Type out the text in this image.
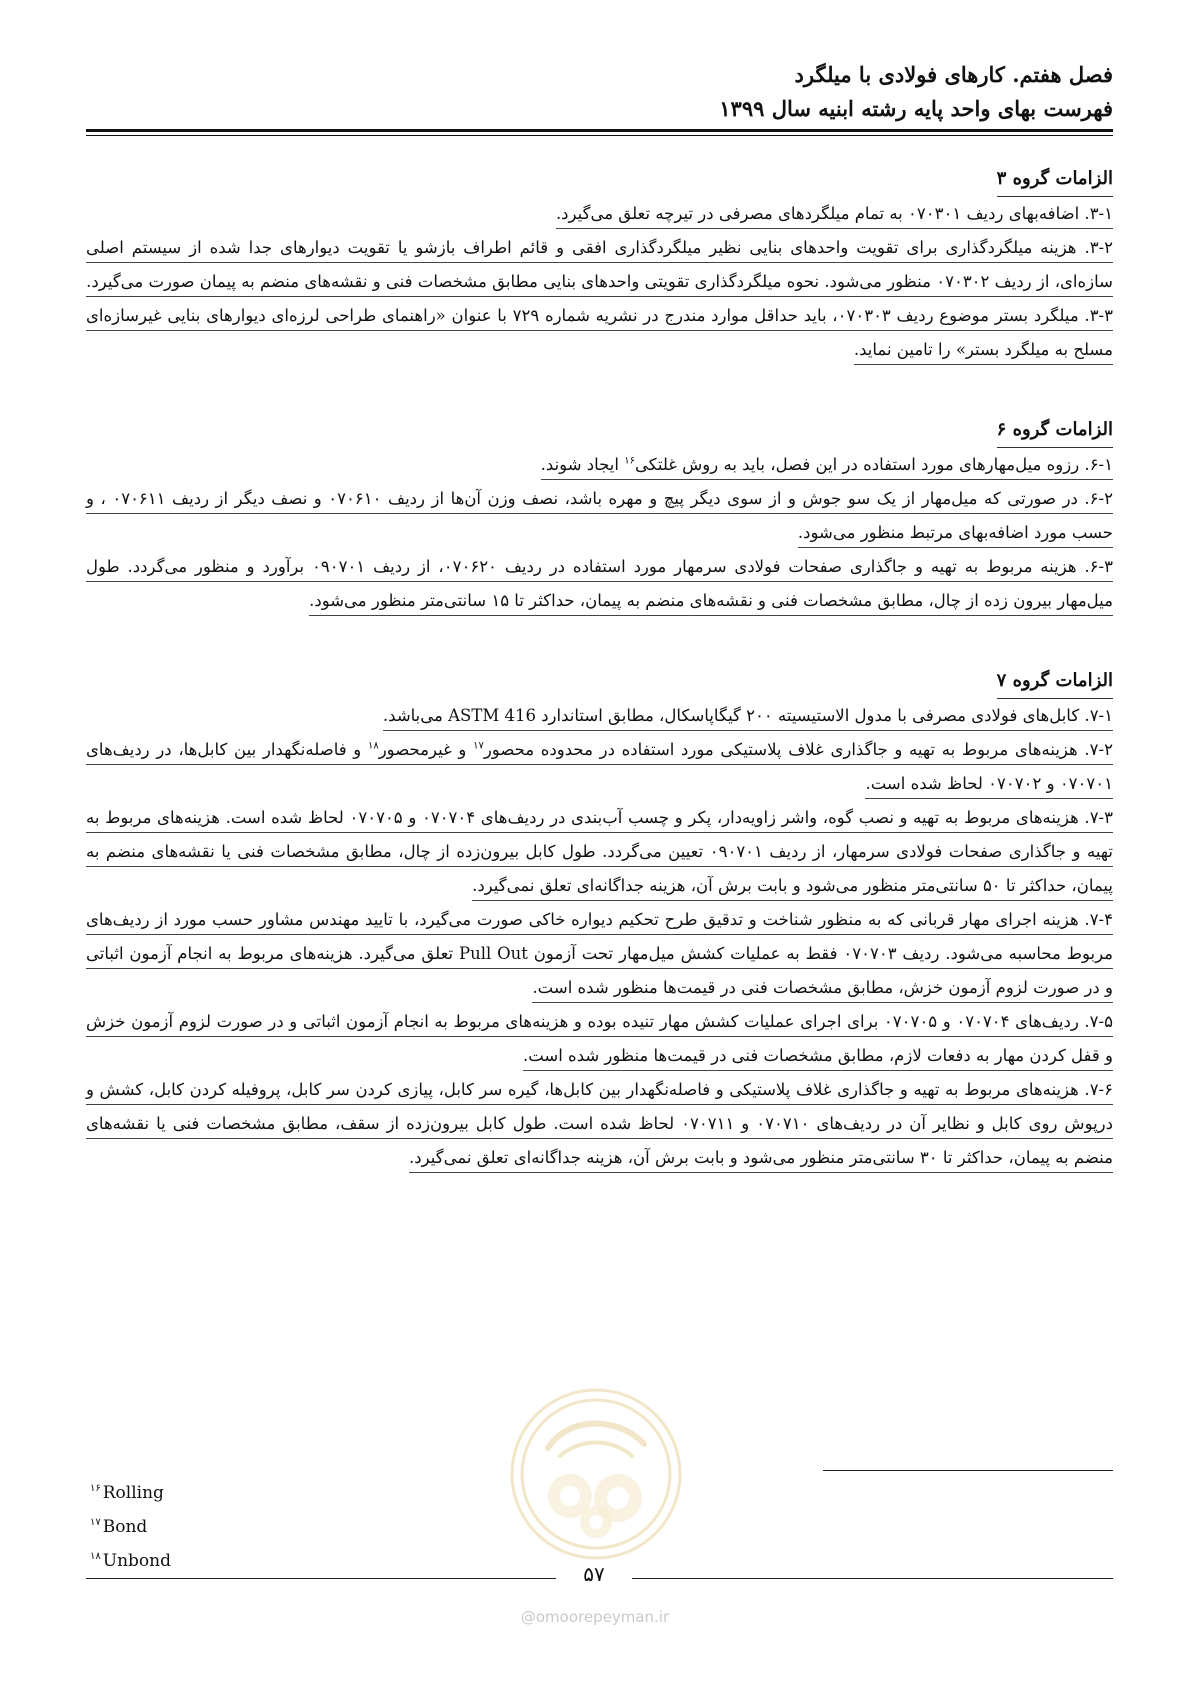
فصل هفتم. کارهای فولادی با میلگرد
فهرست بهای واحد پایه رشته ابنیه سال ۱۳۹۹
الزامات گروه ۳
۳-۱. اضافه‌بهای ردیف ۰۷۰۳۰۱ به تمام میلگردهای مصرفی در تیرچه تعلق می‌گیرد.
۳-۲. هزینه میلگردگذاری برای تقویت واحدهای بنایی نظیر میلگردگذاری افقی و قائم اطراف بازشو یا تقویت دیوارهای جدا شده از سیستم اصلی سازه‌ای، از ردیف ۰۷۰۳۰۲ منظور می‌شود. نحوه میلگردگذاری تقویتی واحدهای بنایی مطابق مشخصات فنی و نقشه‌های منضم به پیمان صورت می‌گیرد.
۳-۳. میلگرد بستر موضوع ردیف ۰۷۰۳۰۳، باید حداقل موارد مندرج در نشریه شماره ۷۲۹ با عنوان «راهنمای طراحی لرزه‌ای دیوارهای بنایی غیرسازه‌ای مسلح به میلگرد بستر» را تامین نماید.
الزامات گروه ۶
۶-۱. رزوه میل‌مهارهای مورد استفاده در این فصل، باید به روش غلتکی$^{۱۶}$ ایجاد شوند.
۶-۲. در صورتی که میل‌مهار از یک سو جوش و از سوی دیگر پیچ و مهره باشد، نصف وزن آن‌ها از ردیف ۰۷۰۶۱۰ و نصف دیگر از ردیف ۰۷۰۶۱۱ ، و حسب مورد اضافه‌بهای مرتبط منظور می‌شود.
۶-۳. هزینه مربوط به تهیه و جاگذاری صفحات فولادی سرمهار مورد استفاده در ردیف ۰۷۰۶۲۰، از ردیف ۰۹۰۷۰۱ برآورد و منظور می‌گردد. طول میل‌مهار بیرون زده از چال، مطابق مشخصات فنی و نقشه‌های منضم به پیمان، حداکثر تا ۱۵ سانتی‌متر منظور می‌شود.
الزامات گروه ۷
۷-۱. کابل‌های فولادی مصرفی با مدول الاستیسیته ۲۰۰ گیگاپاسکال، مطابق استاندارد ASTM 416 می‌باشد.
۷-۲. هزینه‌های مربوط به تهیه و جاگذاری غلاف پلاستیکی مورد استفاده در محدوده محصور$^{۱۷}$ و غیرمحصور$^{۱۸}$ و فاصله‌نگهدار بین کابل‌ها، در ردیف‌های ۰۷۰۷۰۱ و ۰۷۰۷۰۲ لحاظ شده است.
۷-۳. هزینه‌های مربوط به تهیه و نصب گوه، واشر زاویه‌دار، پکر و چسب آب‌بندی در ردیف‌های ۰۷۰۷۰۴ و ۰۷۰۷۰۵ لحاظ شده است. هزینه‌های مربوط به تهیه و جاگذاری صفحات فولادی سرمهار، از ردیف ۰۹۰۷۰۱ تعیین می‌گردد. طول کابل بیرون‌زده از چال، مطابق مشخصات فنی یا نقشه‌های منضم به پیمان، حداکثر تا ۵۰ سانتی‌متر منظور می‌شود و بابت برش آن، هزینه جداگانه‌ای تعلق نمی‌گیرد.
۷-۴. هزینه اجرای مهار قربانی که به منظور شناخت و تدقیق طرح تحکیم دیواره خاکی صورت می‌گیرد، با تایید مهندس مشاور حسب مورد از ردیف‌های مربوط محاسبه می‌شود. ردیف ۰۷۰۷۰۳ فقط به عملیات کشش میل‌مهار تحت آزمون Pull Out تعلق می‌گیرد. هزینه‌های مربوط به انجام آزمون اثباتی و در صورت لزوم آزمون خزش، مطابق مشخصات فنی در قیمت‌ها منظور شده است.
۷-۵. ردیف‌های ۰۷۰۷۰۴ و ۰۷۰۷۰۵ برای اجرای عملیات کشش مهار تنیده بوده و هزینه‌های مربوط به انجام آزمون اثباتی و در صورت لزوم آزمون خزش و قفل کردن مهار به دفعات لازم، مطابق مشخصات فنی در قیمت‌ها منظور شده است.
۷-۶. هزینه‌های مربوط به تهیه و جاگذاری غلاف پلاستیکی و فاصله‌نگهدار بین کابل‌ها، گیره سر کابل، پیازی کردن سر کابل، پروفیله کردن کابل، کشش و درپوش روی کابل و نظایر آن در ردیف‌های ۰۷۰۷۱۰ و ۰۷۰۷۱۱ لحاظ شده است. طول کابل بیرون‌زده از سقف، مطابق مشخصات فنی یا نقشه‌های منضم به پیمان، حداکثر تا ۳۰ سانتی‌متر منظور می‌شود و بابت برش آن، هزینه جداگانه‌ای تعلق نمی‌گیرد.
$^{۱۶}$ Rolling
$^{۱۷}$ Bond
$^{۱۸}$ Unbond
۵۷
@omoorepeyman.ir
